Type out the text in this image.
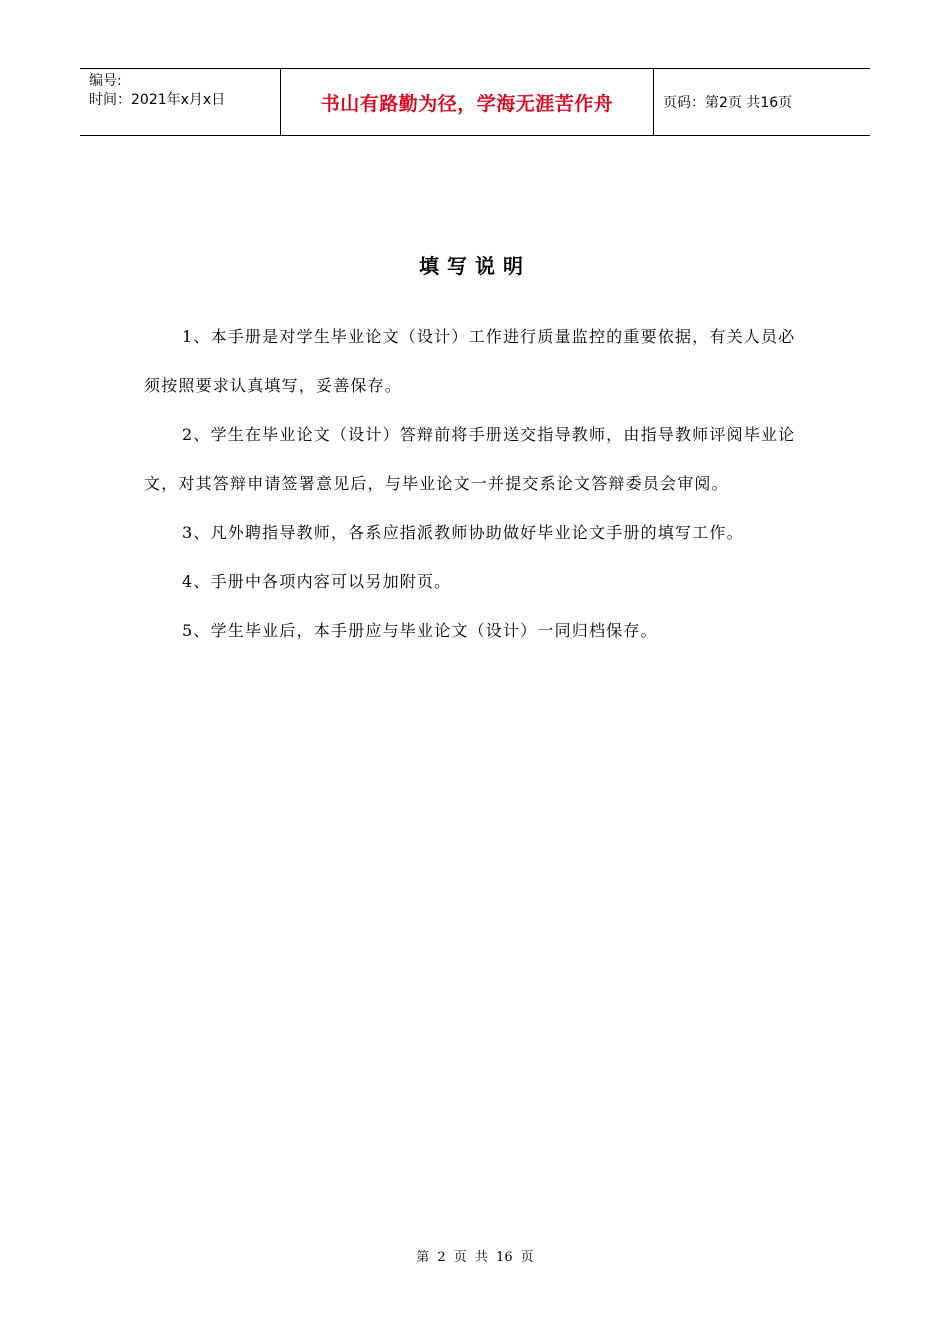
编号:
时间：2021年x月x日	书山有路勤为径，学海无涯苦作舟	页码：第2页 共16页
填写说明

1、本手册是对学生毕业论文（设计）工作进行质量监控的重要依据，有关人员必须按照要求认真填写，妥善保存。

2、学生在毕业论文（设计）答辩前将手册送交指导教师，由指导教师评阅毕业论文，对其答辩申请签署意见后，与毕业论文一并提交系论文答辩委员会审阅。

3、凡外聘指导教师，各系应指派教师协助做好毕业论文手册的填写工作。

4、手册中各项内容可以另加附页。

5、学生毕业后，本手册应与毕业论文（设计）一同归档保存。

第 2 页 共 16 页
